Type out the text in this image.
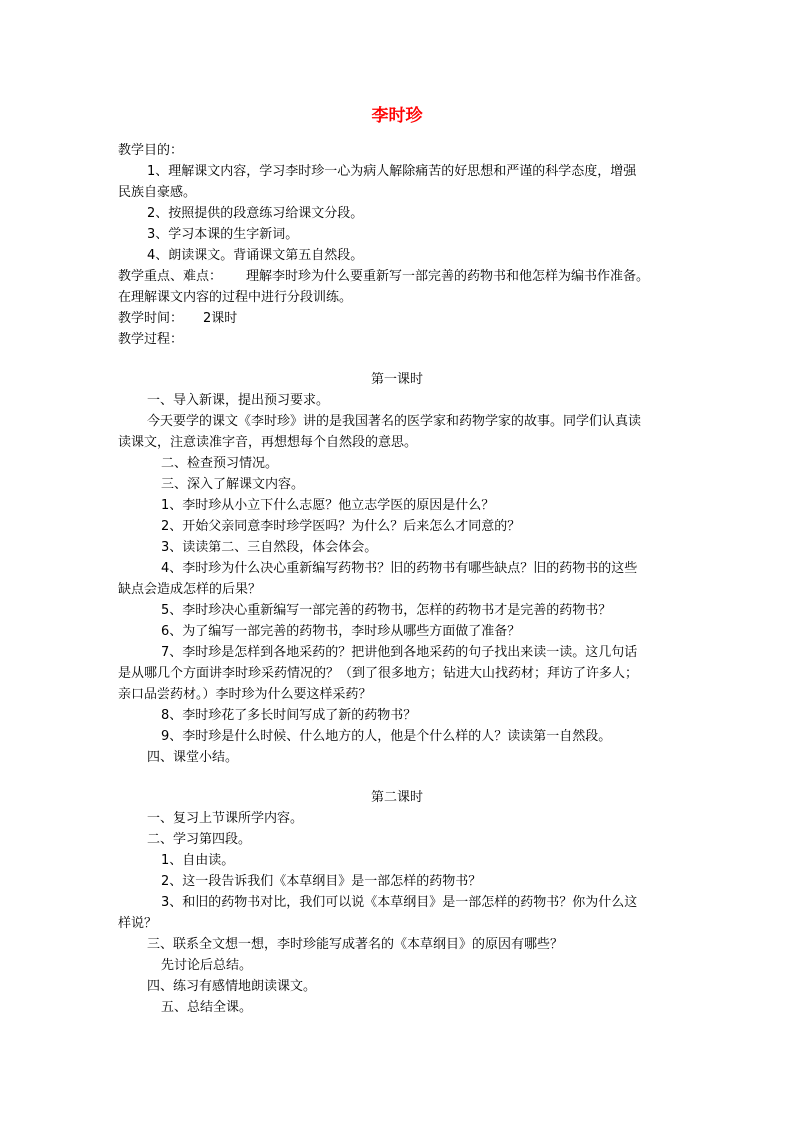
李时珍
教学目的：
1、理解课文内容，学习李时珍一心为病人解除痛苦的好思想和严谨的科学态度，增强
民族自豪感。
2、按照提供的段意练习给课文分段。
3、学习本课的生字新词。
4、朗读课文。背诵课文第五自然段。
教学重点、难点： 理解李时珍为什么要重新写一部完善的药物书和他怎样为编书作准备。
在理解课文内容的过程中进行分段训练。
教学时间： 2课时
教学过程：
第一课时
一、导入新课，提出预习要求。
今天要学的课文《李时珍》讲的是我国著名的医学家和药物学家的故事。同学们认真读
读课文，注意读准字音，再想想每个自然段的意思。
二、检查预习情况。
三、深入了解课文内容。
1、李时珍从小立下什么志愿？他立志学医的原因是什么？
2、开始父亲同意李时珍学医吗？为什么？后来怎么才同意的？
3、读读第二、三自然段，体会体会。
4、李时珍为什么决心重新编写药物书？旧的药物书有哪些缺点？旧的药物书的这些
缺点会造成怎样的后果？
5、李时珍决心重新编写一部完善的药物书，怎样的药物书才是完善的药物书？
6、为了编写一部完善的药物书，李时珍从哪些方面做了准备？
7、李时珍是怎样到各地采药的？把讲他到各地采药的句子找出来读一读。这几句话
是从哪几个方面讲李时珍采药情况的？（到了很多地方；钻进大山找药材；拜访了许多人；
亲口品尝药材。）李时珍为什么要这样采药？
8、李时珍花了多长时间写成了新的药物书？
9、李时珍是什么时候、什么地方的人，他是个什么样的人？读读第一自然段。
四、课堂小结。
第二课时
一、复习上节课所学内容。
二、学习第四段。
1、自由读。
2、这一段告诉我们《本草纲目》是一部怎样的药物书？
3、和旧的药物书对比，我们可以说《本草纲目》是一部怎样的药物书？你为什么这
样说？
三、联系全文想一想，李时珍能写成著名的《本草纲目》的原因有哪些？
先讨论后总结。
四、练习有感情地朗读课文。
五、总结全课。
